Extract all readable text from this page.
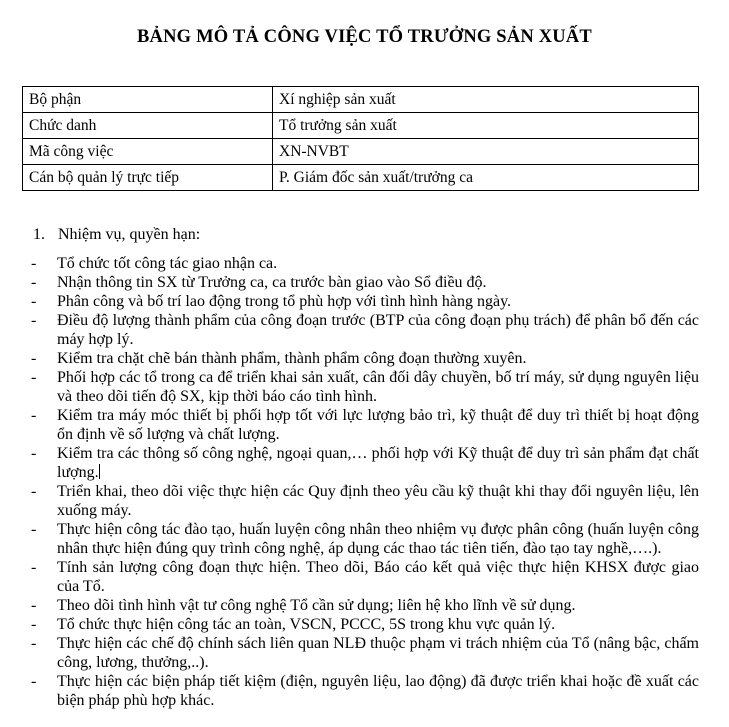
BẢNG MÔ TẢ CÔNG VIỆC TỔ TRƯỞNG SẢN XUẤT
Bộ phận	Xí nghiệp sản xuất
Chức danh	Tổ trưởng sản xuất
Mã công việc	XN-NVBT
Cán bộ quản lý trực tiếp	P. Giám đốc sản xuất/trưởng ca

1. Nhiệm vụ, quyền hạn:

- Tổ chức tốt công tác giao nhận ca.
- Nhận thông tin SX từ Trưởng ca, ca trước bàn giao vào Sổ điều độ.
- Phân công và bố trí lao động trong tổ phù hợp với tình hình hàng ngày.
- Điều độ lượng thành phẩm của công đoạn trước (BTP của công đoạn phụ trách) để phân bổ đến các máy hợp lý.
- Kiểm tra chặt chẽ bán thành phẩm, thành phẩm công đoạn thường xuyên.
- Phối hợp các tổ trong ca để triển khai sản xuất, cân đối dây chuyền, bố trí máy, sử dụng nguyên liệu và theo dõi tiến độ SX, kịp thời báo cáo tình hình.
- Kiểm tra máy móc thiết bị phối hợp tốt với lực lượng bảo trì, kỹ thuật để duy trì thiết bị hoạt động ổn định về số lượng và chất lượng.
- Kiểm tra các thông số công nghệ, ngoại quan,… phối hợp với Kỹ thuật để duy trì sản phẩm đạt chất lượng.
- Triển khai, theo dõi việc thực hiện các Quy định theo yêu cầu kỹ thuật khi thay đổi nguyên liệu, lên xuống máy.
- Thực hiện công tác đào tạo, huấn luyện công nhân theo nhiệm vụ được phân công (huấn luyện công nhân thực hiện đúng quy trình công nghệ, áp dụng các thao tác tiên tiến, đào tạo tay nghề,….).
- Tính sản lượng công đoạn thực hiện. Theo dõi, Báo cáo kết quả việc thực hiện KHSX được giao của Tổ.
- Theo dõi tình hình vật tư công nghệ Tổ cần sử dụng; liên hệ kho lĩnh về sử dụng.
- Tổ chức thực hiện công tác an toàn, VSCN, PCCC, 5S trong khu vực quản lý.
- Thực hiện các chế độ chính sách liên quan NLĐ thuộc phạm vi trách nhiệm của Tổ (nâng bậc, chấm công, lương, thưởng,..).
- Thực hiện các biện pháp tiết kiệm (điện, nguyên liệu, lao động) đã được triển khai hoặc đề xuất các biện pháp phù hợp khác.
